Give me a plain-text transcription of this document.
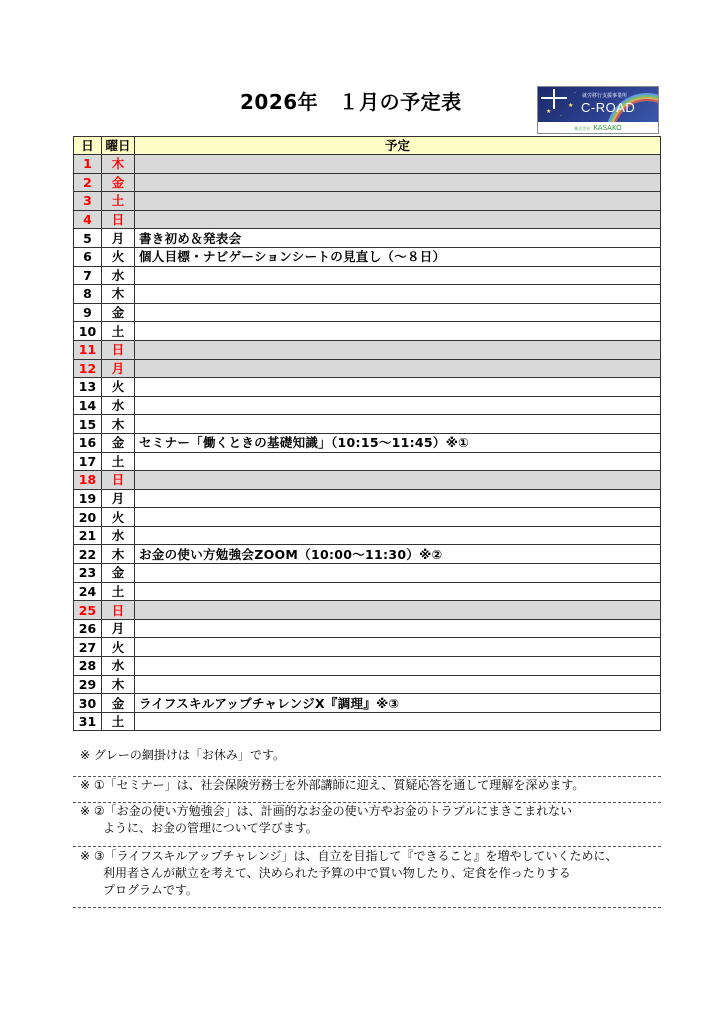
2026年　１月の予定表	★
★
·
· 就労移行支援事業所
C-ROAD
株式会社 KASAKO
日	曜日	予定
1	木	
2	金	
3	土	
4	日	
5	月	書き初め＆発表会
6	火	個人目標・ナビゲーションシートの見直し（～８日）
7	水	
8	木	
9	金	
10	土	
11	日	
12	月	
13	火	
14	水	
15	木	
16	金	セミナー「働くときの基礎知識」（10:15～11:45）※①
17	土	
18	日	
19	月	
20	火	
21	水	
22	木	お金の使い方勉強会ZOOM（10:00～11:30）※②
23	金	
24	土	
25	日	
26	月	
27	火	
28	水	
29	木	
30	金	ライフスキルアップチャレンジX『調理』※③
31	土	
※ グレーの網掛けは「お休み」です。
※ ①「セミナー」は、社会保険労務士を外部講師に迎え、質疑応答を通して理解を深めます。
※ ②「お金の使い方勉強会」は、計画的なお金の使い方やお金のトラブルにまきこまれない
ように、お金の管理について学びます。
※ ③「ライフスキルアップチャレンジ」は、自立を目指して『できること』を増やしていくために、
利用者さんが献立を考えて、決められた予算の中で買い物したり、定食を作ったりする
プログラムです。
